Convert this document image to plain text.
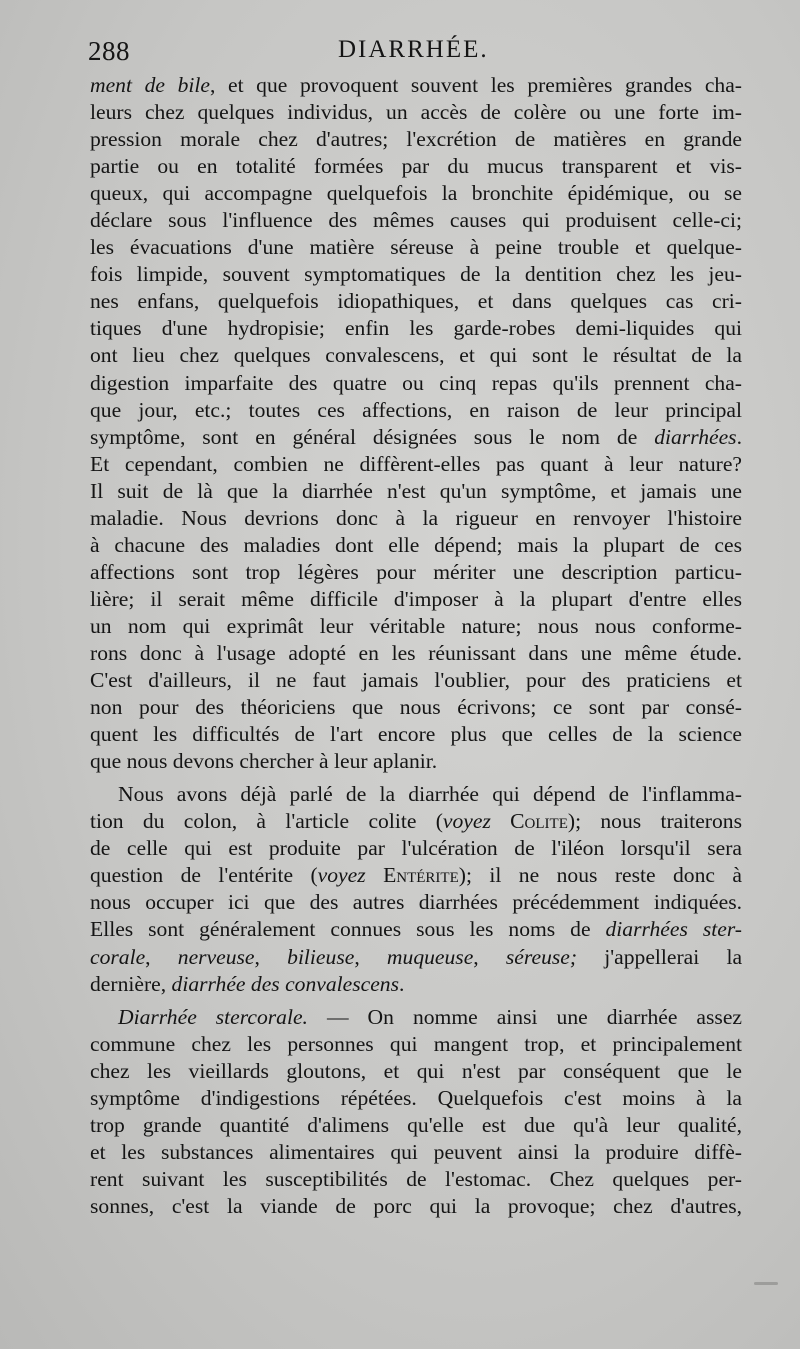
288	DIARRHÉE.
ment de bile, et que provoquent souvent les premières grandes cha-
leurs chez quelques individus, un accès de colère ou une forte im-
pression morale chez d'autres; l'excrétion de matières en grande
partie ou en totalité formées par du mucus transparent et vis-
queux, qui accompagne quelquefois la bronchite épidémique, ou se
déclare sous l'influence des mêmes causes qui produisent celle-ci;
les évacuations d'une matière séreuse à peine trouble et quelque-
fois limpide, souvent symptomatiques de la dentition chez les jeu-
nes enfans, quelquefois idiopathiques, et dans quelques cas cri-
tiques d'une hydropisie; enfin les garde-robes demi-liquides qui
ont lieu chez quelques convalescens, et qui sont le résultat de la
digestion imparfaite des quatre ou cinq repas qu'ils prennent cha-
que jour, etc.; toutes ces affections, en raison de leur principal
symptôme, sont en général désignées sous le nom de diarrhées.
Et cependant, combien ne diffèrent-elles pas quant à leur nature?
Il suit de là que la diarrhée n'est qu'un symptôme, et jamais une
maladie. Nous devrions donc à la rigueur en renvoyer l'histoire
à chacune des maladies dont elle dépend; mais la plupart de ces
affections sont trop légères pour mériter une description particu-
lière; il serait même difficile d'imposer à la plupart d'entre elles
un nom qui exprimât leur véritable nature; nous nous conforme-
rons donc à l'usage adopté en les réunissant dans une même étude.
C'est d'ailleurs, il ne faut jamais l'oublier, pour des praticiens et
non pour des théoriciens que nous écrivons; ce sont par consé-
quent les difficultés de l'art encore plus que celles de la science
que nous devons chercher à leur aplanir.
Nous avons déjà parlé de la diarrhée qui dépend de l'inflamma-
tion du colon, à l'article colite (voyez Colite); nous traiterons
de celle qui est produite par l'ulcération de l'iléon lorsqu'il sera
question de l'entérite (voyez Entérite); il ne nous reste donc à
nous occuper ici que des autres diarrhées précédemment indiquées.
Elles sont généralement connues sous les noms de diarrhées ster-
corale, nerveuse, bilieuse, muqueuse, séreuse; j'appellerai la
dernière, diarrhée des convalescens.
Diarrhée stercorale. — On nomme ainsi une diarrhée assez
commune chez les personnes qui mangent trop, et principalement
chez les vieillards gloutons, et qui n'est par conséquent que le
symptôme d'indigestions répétées. Quelquefois c'est moins à la
trop grande quantité d'alimens qu'elle est due qu'à leur qualité,
et les substances alimentaires qui peuvent ainsi la produire diffè-
rent suivant les susceptibilités de l'estomac. Chez quelques per-
sonnes, c'est la viande de porc qui la provoque; chez d'autres,
